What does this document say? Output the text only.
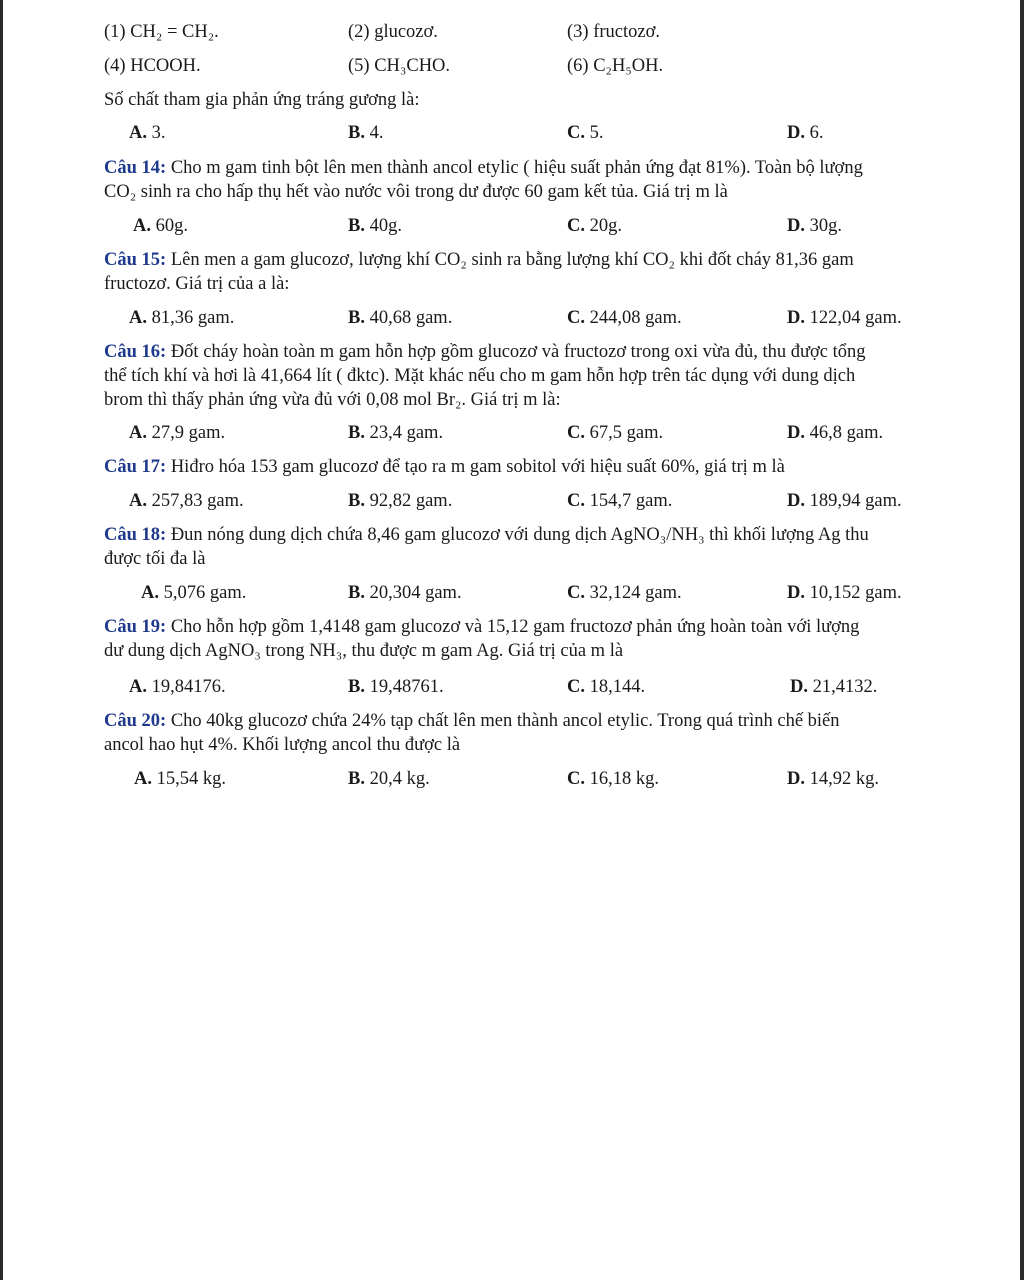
(1) CH₂ = CH₂.	(2) glucozơ.	(3) fructozơ.
(4) HCOOH.	(5) CH₃CHO.	(6) C₂H₅OH.
Số chất tham gia phản ứng tráng gương là:
A. 3.	B. 4.	C. 5.	D. 6.

Câu 14: Cho m gam tinh bột lên men thành ancol etylic ( hiệu suất phản ứng đạt 81%). Toàn bộ lượng

CO₂ sinh ra cho hấp thụ hết vào nước vôi trong dư được 60 gam kết tủa. Giá trị m là

A. 60g.	B. 40g.	C. 20g.	D. 30g.

Câu 15: Lên men a gam glucozơ, lượng khí CO₂ sinh ra bằng lượng khí CO₂ khi đốt cháy 81,36 gam

fructozơ. Giá trị của a là:

A. 81,36 gam.	B. 40,68 gam.	C. 244,08 gam.	D. 122,04 gam.

Câu 16: Đốt cháy hoàn toàn m gam hỗn hợp gồm glucozơ và fructozơ trong oxi vừa đủ, thu được tổng

thể tích khí và hơi là 41,664 lít ( đktc). Mặt khác nếu cho m gam hỗn hợp trên tác dụng với dung dịch

brom thì thấy phản ứng vừa đủ với 0,08 mol Br₂. Giá trị m là:

A. 27,9 gam.	B. 23,4 gam.	C. 67,5 gam.	D. 46,8 gam.

Câu 17: Hiđro hóa 153 gam glucozơ để tạo ra m gam sobitol với hiệu suất 60%, giá trị m là

A. 257,83 gam.	B. 92,82 gam.	C. 154,7 gam.	D. 189,94 gam.

Câu 18: Đun nóng dung dịch chứa 8,46 gam glucozơ với dung dịch AgNO₃/NH₃ thì khối lượng Ag thu

được tối đa là

A. 5,076 gam.	B. 20,304 gam.	C. 32,124 gam.	D. 10,152 gam.

Câu 19: Cho hỗn hợp gồm 1,4148 gam glucozơ và 15,12 gam fructozơ phản ứng hoàn toàn với lượng

dư dung dịch AgNO₃ trong NH₃, thu được m gam Ag. Giá trị của m là

A. 19,84176.	B. 19,48761.	C. 18,144.	D. 21,4132.

Câu 20: Cho 40kg glucozơ chứa 24% tạp chất lên men thành ancol etylic. Trong quá trình chế biến

ancol hao hụt 4%. Khối lượng ancol thu được là

A. 15,54 kg.	B. 20,4 kg.	C. 16,18 kg.	D. 14,92 kg.
